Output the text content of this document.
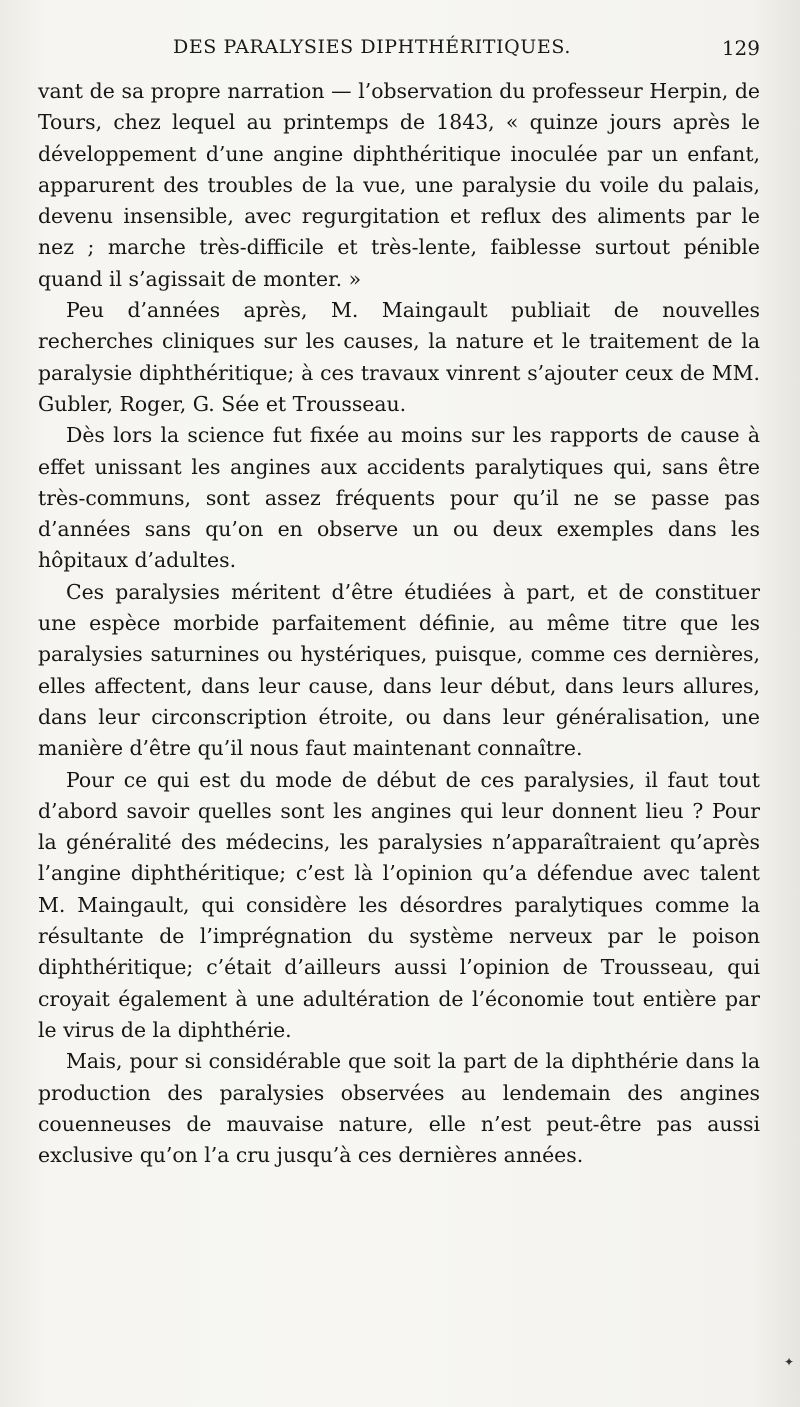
DES PARALYSIES DIPHTHÉRITIQUES.	129

vant de sa propre narration — l’observation du professeur Herpin, de Tours, chez lequel au printemps de 1843, « quinze jours après le développement d’une angine diphthéritique inoculée par un enfant, apparurent des troubles de la vue, une paralysie du voile du palais, devenu insensible, avec regurgitation et reflux des aliments par le nez ; marche très-difficile et très-lente, faiblesse surtout pénible quand il s’agissait de monter. »

Peu d’années après, M. Maingault publiait de nouvelles recherches cliniques sur les causes, la nature et le traitement de la paralysie diphthéritique; à ces travaux vinrent s’ajouter ceux de MM. Gubler, Roger, G. Sée et Trousseau.

Dès lors la science fut fixée au moins sur les rapports de cause à effet unissant les angines aux accidents paralytiques qui, sans être très-communs, sont assez fréquents pour qu’il ne se passe pas d’années sans qu’on en observe un ou deux exemples dans les hôpitaux d’adultes.

Ces paralysies méritent d’être étudiées à part, et de constituer une espèce morbide parfaitement définie, au même titre que les paralysies saturnines ou hystériques, puisque, comme ces dernières, elles affectent, dans leur cause, dans leur début, dans leurs allures, dans leur circonscription étroite, ou dans leur généralisation, une manière d’être qu’il nous faut maintenant connaître.

Pour ce qui est du mode de début de ces paralysies, il faut tout d’abord savoir quelles sont les angines qui leur donnent lieu ? Pour la généralité des médecins, les paralysies n’apparaîtraient qu’après l’angine diphthéritique; c’est là l’opinion qu’a défendue avec talent M. Maingault, qui considère les désordres paralytiques comme la résultante de l’imprégnation du système nerveux par le poison diphthéritique; c’était d’ailleurs aussi l’opinion de Trousseau, qui croyait également à une adultération de l’économie tout entière par le virus de la diphthérie.

Mais, pour si considérable que soit la part de la diphthérie dans la production des paralysies observées au lendemain des angines couenneuses de mauvaise nature, elle n’est peut-être pas aussi exclusive qu’on l’a cru jusqu’à ces dernières années.

✦
